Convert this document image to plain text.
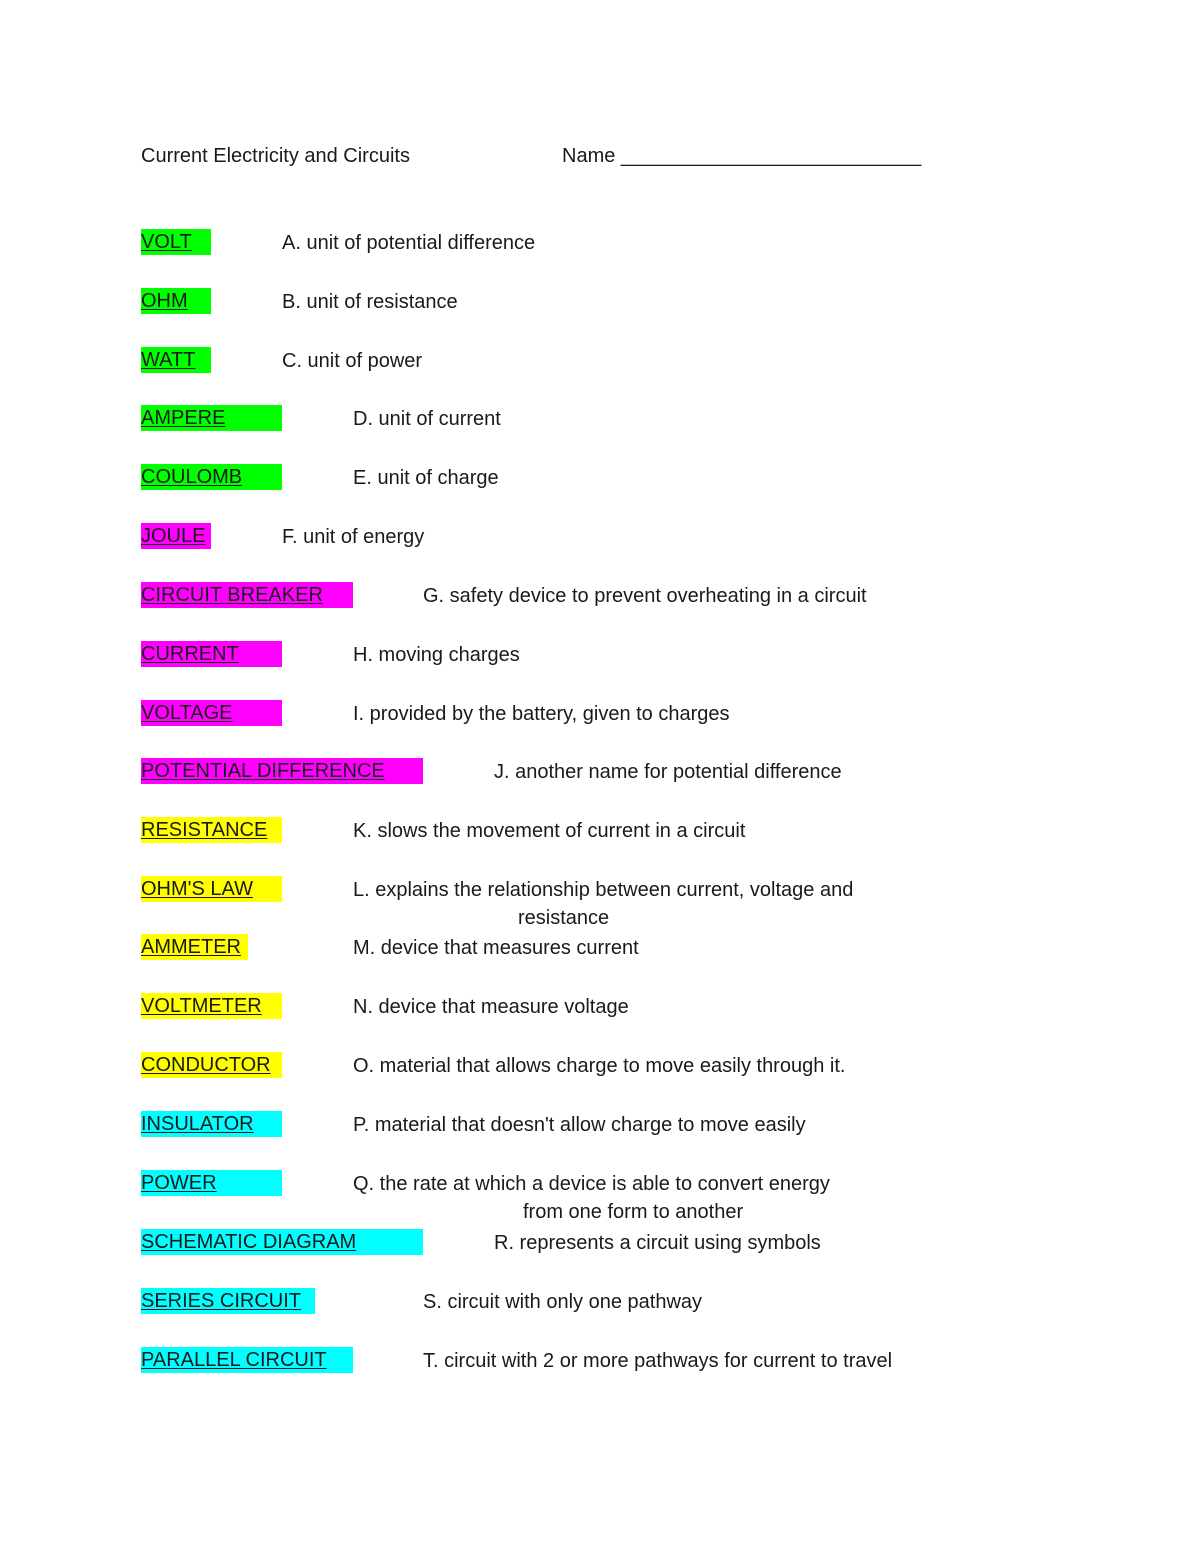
Current Electricity and Circuits	Name ___________________________
VOLT	A. unit of potential difference
OHM	B. unit of resistance
WATT	C. unit of power
AMPERE	D. unit of current
COULOMB	E. unit of charge
JOULE	F. unit of energy
CIRCUIT BREAKER	G. safety device to prevent overheating in a circuit
CURRENT	H. moving charges
VOLTAGE	I. provided by the battery, given to charges
POTENTIAL DIFFERENCE	J. another name for potential difference
RESISTANCE	K. slows the movement of current in a circuit
OHM'S LAW	L. explains the relationship between current, voltage and
resistance
AMMETER	M. device that measures current
VOLTMETER	N. device that measure voltage
CONDUCTOR	O. material that allows charge to move easily through it.
INSULATOR	P. material that doesn't allow charge to move easily
POWER	Q. the rate at which a device is able to convert energy
from one form to another
SCHEMATIC DIAGRAM	R. represents a circuit using symbols
SERIES CIRCUIT	S. circuit with only one pathway
PARALLEL CIRCUIT	T. circuit with 2 or more pathways for current to travel
